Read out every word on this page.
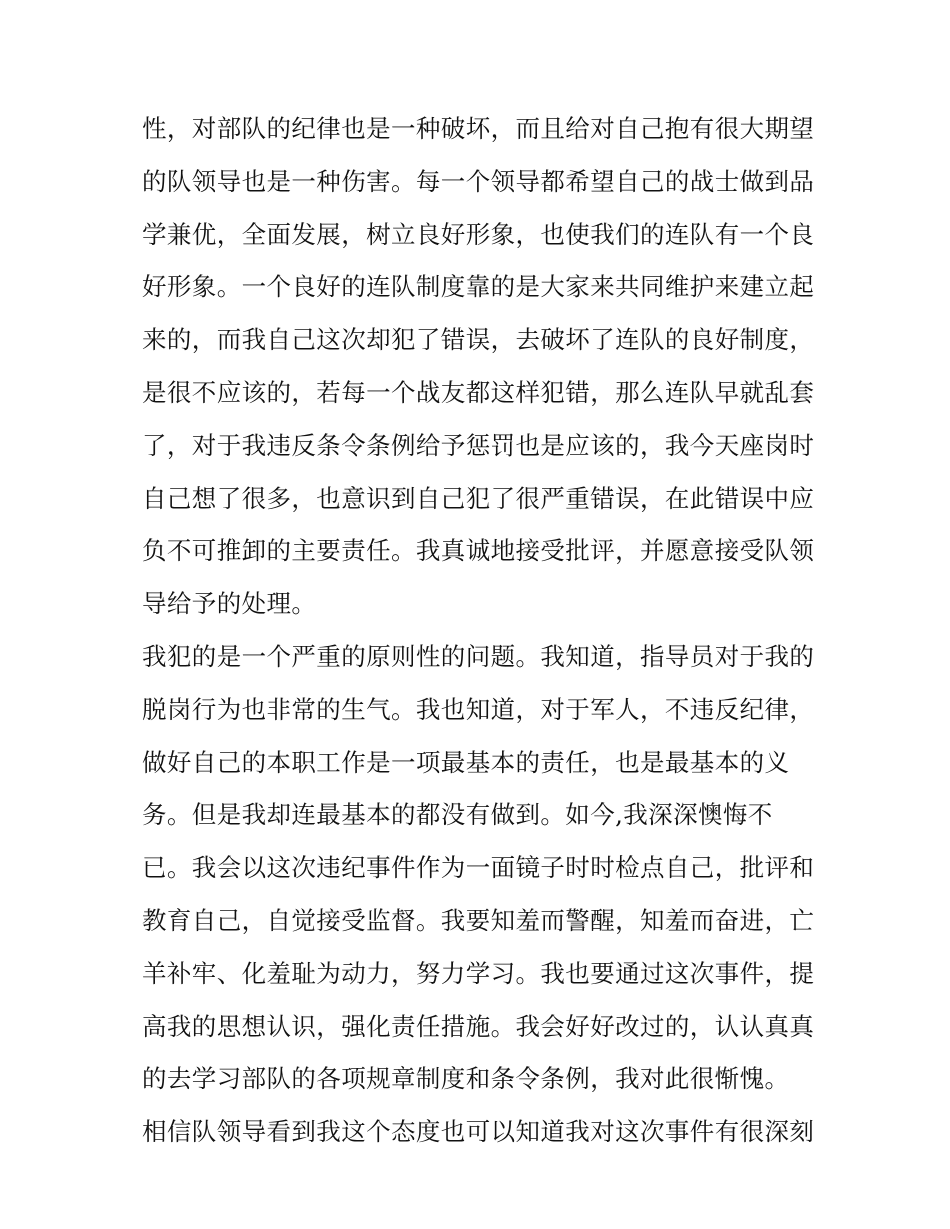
性，对部队的纪律也是一种破坏，而且给对自己抱有很大期望
的队领导也是一种伤害。每一个领导都希望自己的战士做到品
学兼优，全面发展，树立良好形象，也使我们的连队有一个良
好形象。一个良好的连队制度靠的是大家来共同维护来建立起
来的，而我自己这次却犯了错误，去破坏了连队的良好制度，
是很不应该的，若每一个战友都这样犯错，那么连队早就乱套
了，对于我违反条令条例给予惩罚也是应该的，我今天座岗时
自己想了很多，也意识到自己犯了很严重错误，在此错误中应
负不可推卸的主要责任。我真诚地接受批评，并愿意接受队领
导给予的处理。
我犯的是一个严重的原则性的问题。我知道，指导员对于我的
脱岗行为也非常的生气。我也知道，对于军人，不违反纪律，
做好自己的本职工作是一项最基本的责任，也是最基本的义
务。但是我却连最基本的都没有做到。如今,我深深懊悔不
已。我会以这次违纪事件作为一面镜子时时检点自己，批评和
教育自己，自觉接受监督。我要知羞而警醒，知羞而奋进，亡
羊补牢、化羞耻为动力，努力学习。我也要通过这次事件，提
高我的思想认识，强化责任措施。我会好好改过的，认认真真
的去学习部队的各项规章制度和条令条例，我对此很惭愧。
相信队领导看到我这个态度也可以知道我对这次事件有很深刻
